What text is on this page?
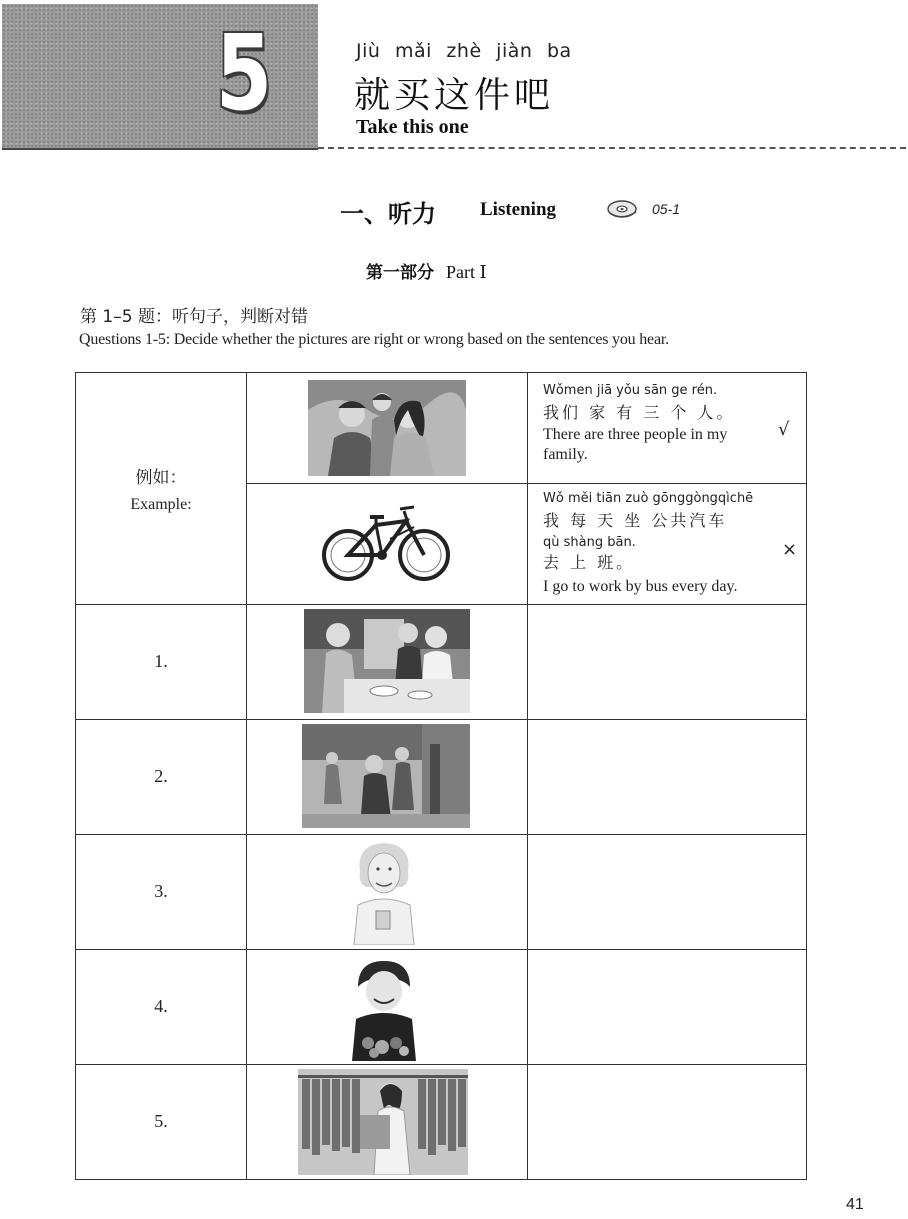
5	Jiù mǎi zhè jiàn ba
就买这件吧
Take this one
一、听力 Listening	05-1
第一部分 Part Ⅰ
第 1–5 题：听句子，判断对错
Questions 1-5: Decide whether the pictures are right or wrong based on the sentences you hear.
例如：
Example:
Wǒmen jiā yǒu sān ge rén.
我们 家 有 三 个 人。
There are three people in my family.
√
Wǒ měi tiān zuò gōnggòngqìchē
我 每 天 坐 公共汽车
qù shàng bān.
去 上 班。
I go to work by bus every day.
×
1.
2.
3.
4.
5.
41
